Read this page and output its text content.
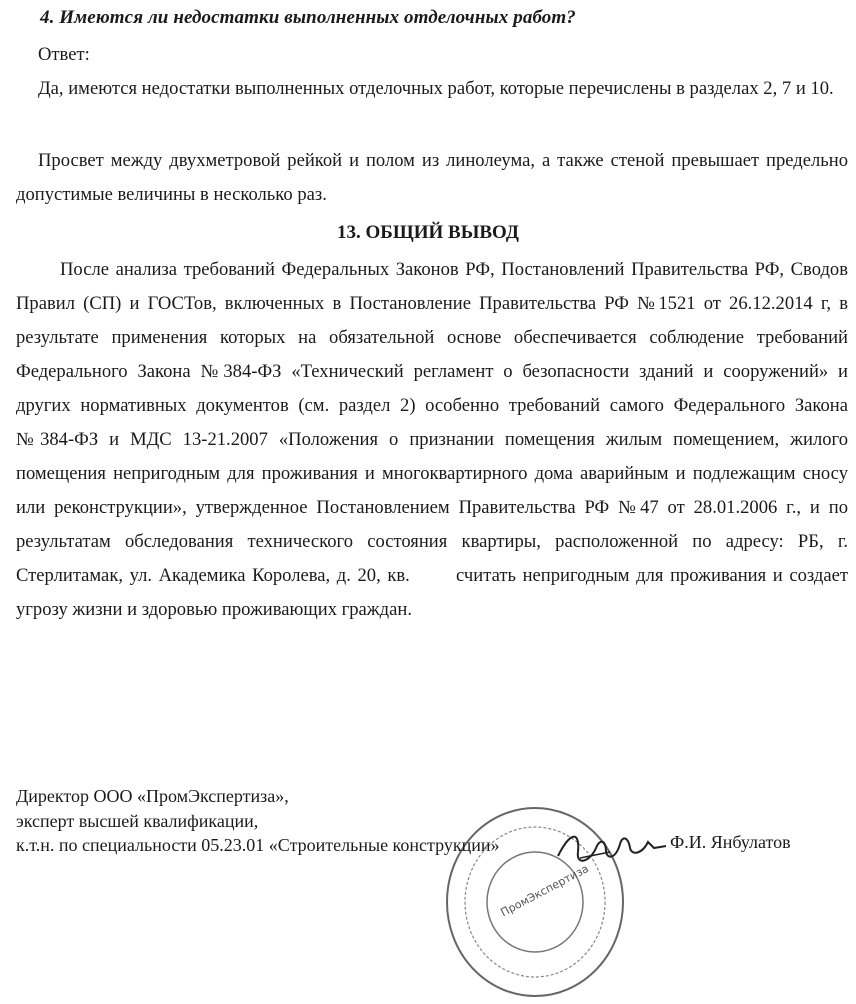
4. Имеются ли недостатки выполненных отделочных работ?
Ответ:

Да, имеются недостатки выполненных отделочных работ, которые перечислены в разделах 2, 7 и 10.

Просвет между двухметровой рейкой и полом из линолеума, а также стеной превышает предельно допустимые величины в несколько раз.

13. ОБЩИЙ ВЫВОД

После анализа требований Федеральных Законов РФ, Постановлений Правительства РФ, Сводов Правил (СП) и ГОСТов, включенных в Постановление Правительства РФ №1521 от 26.12.2014 г, в результате применения которых на обязательной основе обеспечивается соблюдение требований Федерального Закона №384-ФЗ «Технический регламент о безопасности зданий и сооружений» и других нормативных документов (см. раздел 2) особенно требований самого Федерального Закона №384-ФЗ и МДС 13-21.2007 «Положения о признании помещения жилым помещением, жилого помещения непригодным для проживания и многоквартирного дома аварийным и подлежащим сносу или реконструкции», утвержденное Постановлением Правительства РФ №47 от 28.01.2006 г., и по результатам обследования технического состояния квартиры, расположенной по адресу: РБ, г. Стерлитамак, ул. Академика Королева, д. 20, кв.       считать непригодным для проживания и создает угрозу жизни и здоровью проживающих граждан.

ПромЭкспертиза
Директор ООО «ПромЭкспертиза»,
эксперт высшей квалификации,
к.т.н. по специальности 05.23.01 «Строительные конструкции»	Ф.И. Янбулатов
